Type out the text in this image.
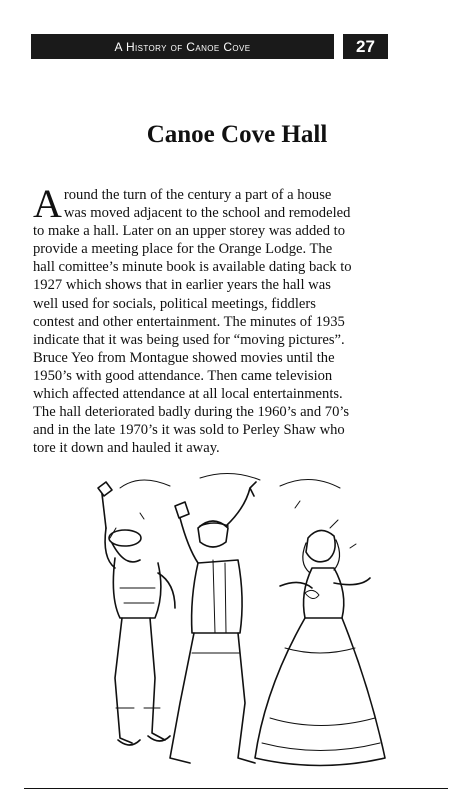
A History of Canoe Cove	27
Canoe Cove Hall
A round the turn of the century a part of a house
was moved adjacent to the school and remodeled
to make a hall. Later on an upper storey was added to
provide a meeting place for the Orange Lodge. The
hall comittee’s minute book is available dating back to
1927 which shows that in earlier years the hall was
well used for socials, political meetings, fiddlers
contest and other entertainment. The minutes of 1935
indicate that it was being used for “moving pictures”.
Bruce Yeo from Montague showed movies until the
1950’s with good attendance. Then came television
which affected attendance at all local entertainments.
The hall deteriorated badly during the 1960’s and 70’s
and in the late 1970’s it was sold to Perley Shaw who
tore it down and hauled it away.
